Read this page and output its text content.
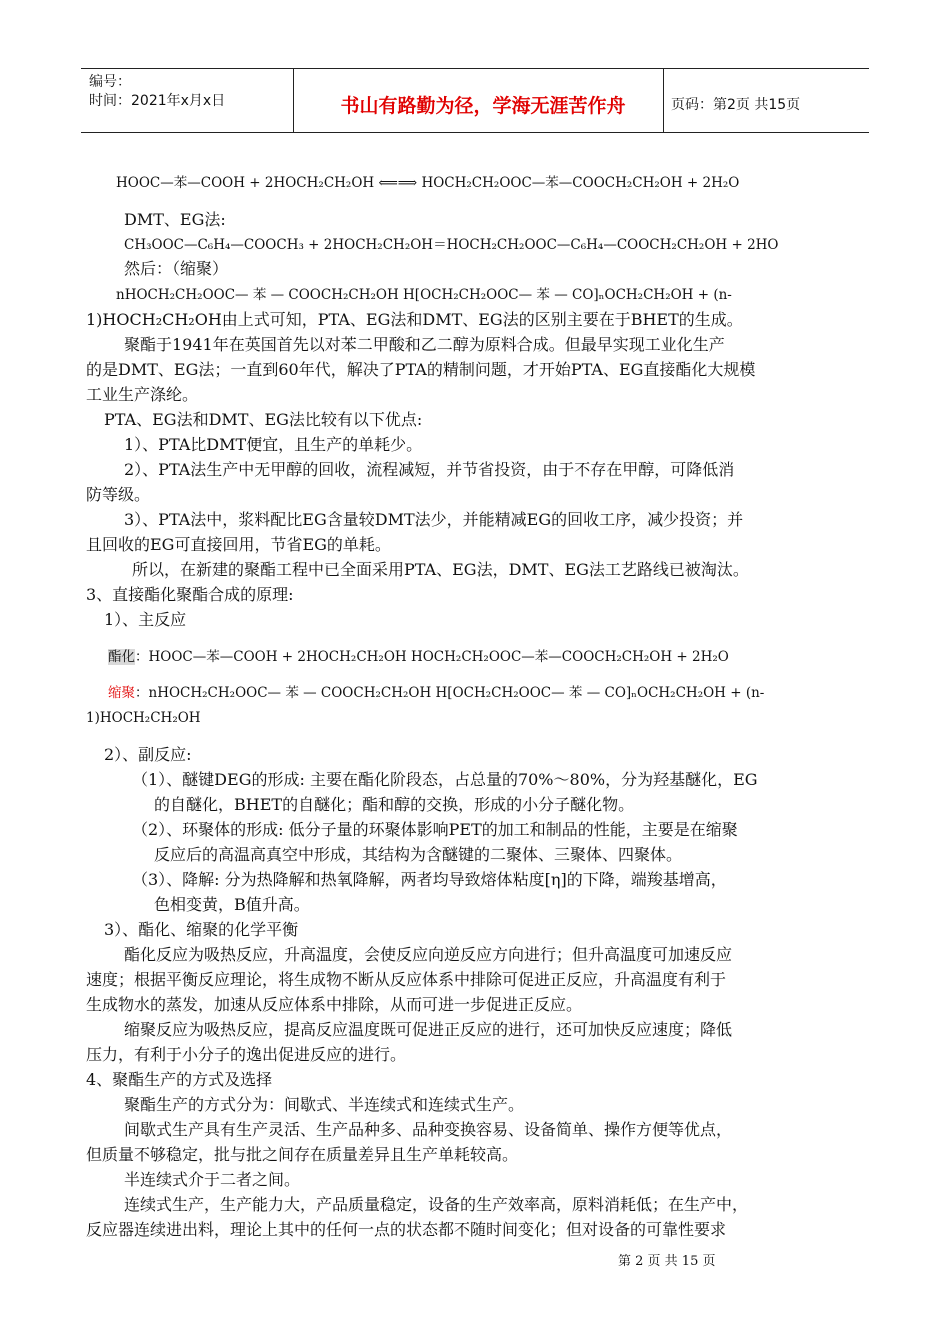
编号：
时间：2021年x月x日	书山有路勤为径，学海无涯苦作舟	页码：第2页 共15页
HOOC—苯—COOH + 2HOCH₂CH₂OH ⟸⟹ HOCH₂CH₂OOC—苯—COOCH₂CH₂OH + 2H₂O
DMT、EG法:
CH₃OOC—C₆H₄—COOCH₃ + 2HOCH₂CH₂OH＝HOCH₂CH₂OOC—C₆H₄—COOCH₂CH₂OH + 2HO
然后：（缩聚）
nHOCH₂CH₂OOC— 苯 — COOCH₂CH₂OH H[OCH₂CH₂OOC— 苯 — CO]ₙOCH₂CH₂OH + (n-
1)HOCH₂CH₂OH由上式可知，PTA、EG法和DMT、EG法的区别主要在于BHET的生成。
聚酯于1941年在英国首先以对苯二甲酸和乙二醇为原料合成。但最早实现工业化生产
的是DMT、EG法；一直到60年代，解决了PTA的精制问题，才开始PTA、EG直接酯化大规模
工业生产涤纶。
PTA、EG法和DMT、EG法比较有以下优点:
1）、PTA比DMT便宜，且生产的单耗少。
2）、PTA法生产中无甲醇的回收，流程减短，并节省投资，由于不存在甲醇，可降低消
防等级。
3）、PTA法中，浆料配比EG含量较DMT法少，并能精减EG的回收工序，减少投资；并
且回收的EG可直接回用，节省EG的单耗。
所以，在新建的聚酯工程中已全面采用PTA、EG法，DMT、EG法工艺路线已被淘汰。
3、直接酯化聚酯合成的原理:
1）、主反应
酯化：HOOC—苯—COOH + 2HOCH₂CH₂OH HOCH₂CH₂OOC—苯—COOCH₂CH₂OH + 2H₂O
缩聚：nHOCH₂CH₂OOC— 苯 — COOCH₂CH₂OH H[OCH₂CH₂OOC— 苯 — CO]ₙOCH₂CH₂OH + (n-
1)HOCH₂CH₂OH
2）、副反应:
（1）、醚键DEG的形成: 主要在酯化阶段态，占总量的70%～80%，分为羟基醚化，EG
的自醚化，BHET的自醚化；酯和醇的交换，形成的小分子醚化物。
（2）、环聚体的形成: 低分子量的环聚体影响PET的加工和制品的性能，主要是在缩聚
反应后的高温高真空中形成，其结构为含醚键的二聚体、三聚体、四聚体。
（3）、降解: 分为热降解和热氧降解，两者均导致熔体粘度[η]的下降，端羧基增高，
色相变黄，B值升高。
3）、酯化、缩聚的化学平衡
酯化反应为吸热反应，升高温度，会使反应向逆反应方向进行；但升高温度可加速反应
速度；根据平衡反应理论，将生成物不断从反应体系中排除可促进正反应，升高温度有利于
生成物水的蒸发，加速从反应体系中排除，从而可进一步促进正反应。
缩聚反应为吸热反应，提高反应温度既可促进正反应的进行，还可加快反应速度；降低
压力，有利于小分子的逸出促进反应的进行。
4、聚酯生产的方式及选择
聚酯生产的方式分为：间歇式、半连续式和连续式生产。
间歇式生产具有生产灵活、生产品种多、品种变换容易、设备简单、操作方便等优点，
但质量不够稳定，批与批之间存在质量差异且生产单耗较高。
半连续式介于二者之间。
连续式生产，生产能力大，产品质量稳定，设备的生产效率高，原料消耗低；在生产中，
反应器连续进出料，理论上其中的任何一点的状态都不随时间变化；但对设备的可靠性要求
第 2 页 共 15 页
